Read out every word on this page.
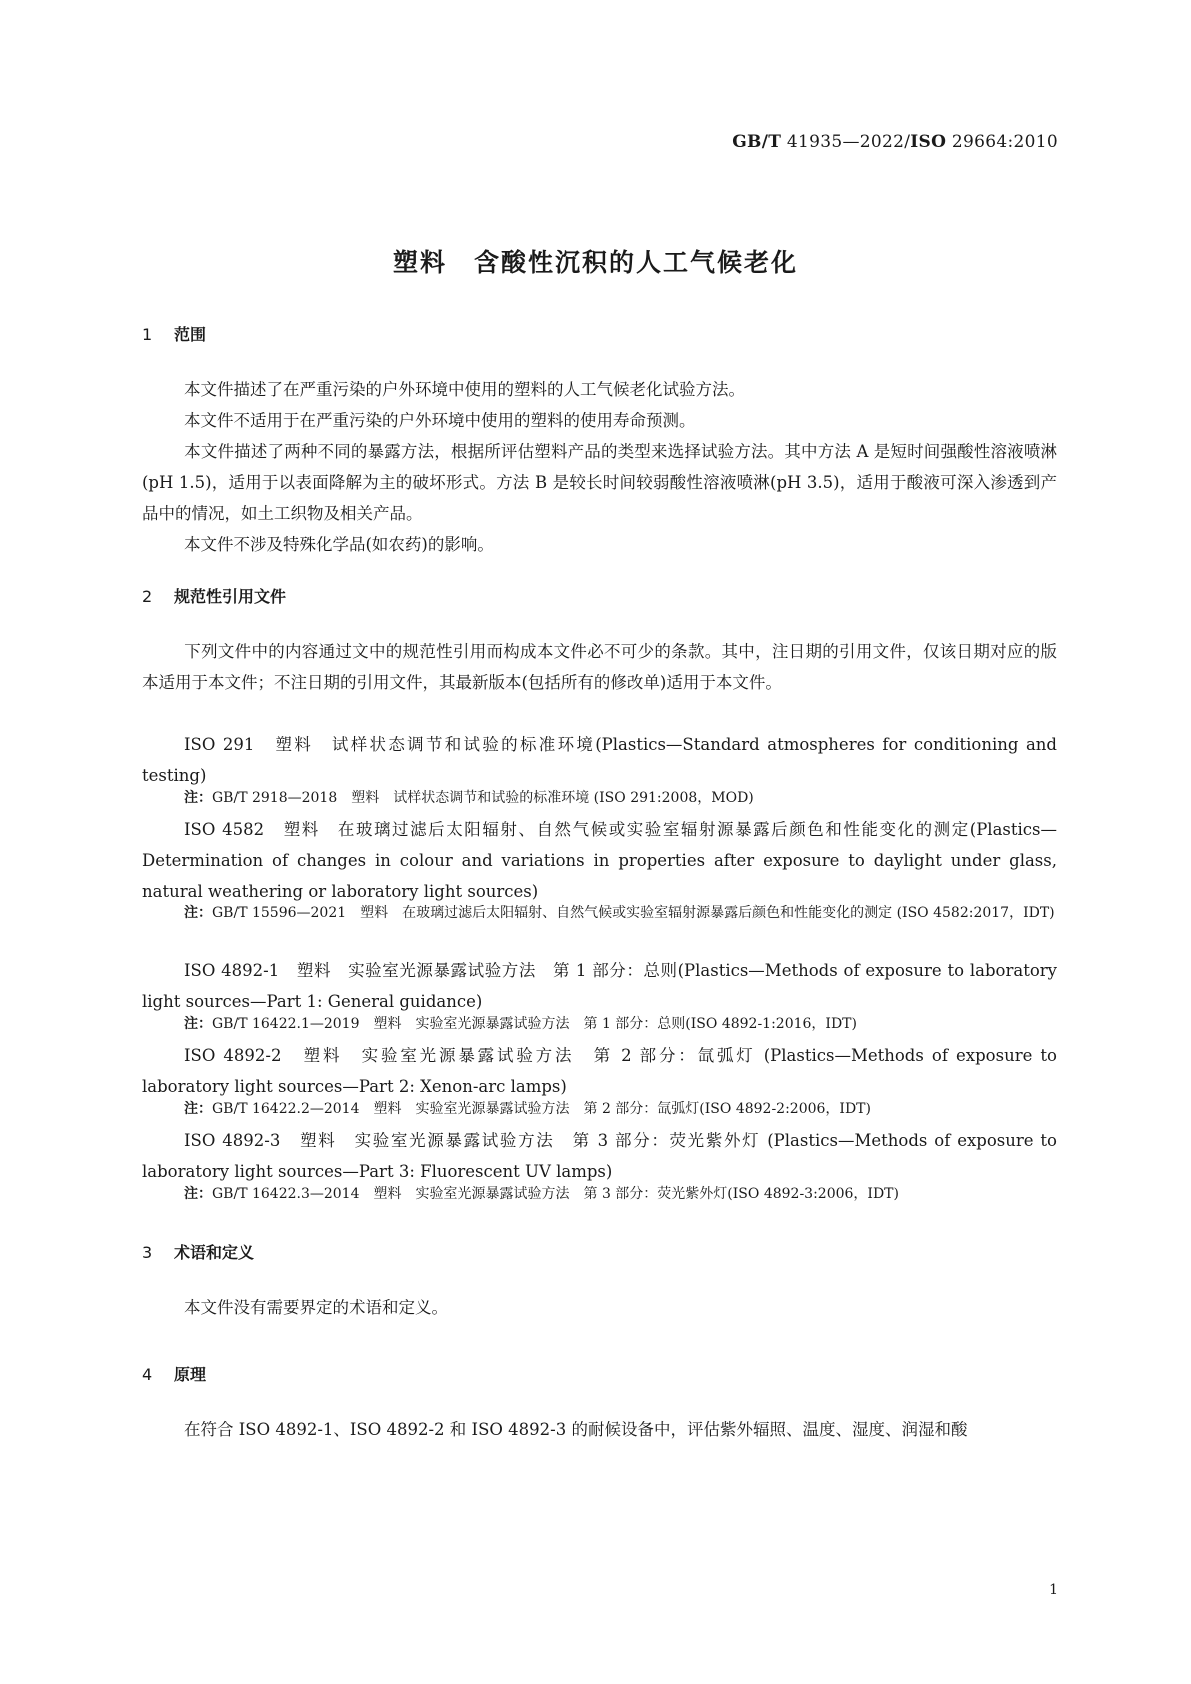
GB/T 41935—2022/ISO 29664:2010
塑料　含酸性沉积的人工气候老化
1 范围
本文件描述了在严重污染的户外环境中使用的塑料的人工气候老化试验方法。
本文件不适用于在严重污染的户外环境中使用的塑料的使用寿命预测。
本文件描述了两种不同的暴露方法，根据所评估塑料产品的类型来选择试验方法。其中方法 A 是短时间强酸性溶液喷淋(pH 1.5)，适用于以表面降解为主的破坏形式。方法 B 是较长时间较弱酸性溶液喷淋(pH 3.5)，适用于酸液可深入渗透到产品中的情况，如土工织物及相关产品。
本文件不涉及特殊化学品(如农药)的影响。
2 规范性引用文件
下列文件中的内容通过文中的规范性引用而构成本文件必不可少的条款。其中，注日期的引用文件，仅该日期对应的版本适用于本文件；不注日期的引用文件，其最新版本(包括所有的修改单)适用于本文件。
ISO 291　塑料　试样状态调节和试验的标准环境(Plastics—Standard atmospheres for conditioning and testing)
注：GB/T 2918—2018　塑料　试样状态调节和试验的标准环境 (ISO 291:2008，MOD)
ISO 4582　塑料　在玻璃过滤后太阳辐射、自然气候或实验室辐射源暴露后颜色和性能变化的测定(Plastics—Determination of changes in colour and variations in properties after exposure to daylight under glass, natural weathering or laboratory light sources)
注：GB/T 15596—2021　塑料　在玻璃过滤后太阳辐射、自然气候或实验室辐射源暴露后颜色和性能变化的测定 (ISO 4582:2017，IDT)
ISO 4892-1　塑料　实验室光源暴露试验方法　第 1 部分：总则(Plastics—Methods of exposure to laboratory light sources—Part 1: General guidance)
注：GB/T 16422.1—2019　塑料　实验室光源暴露试验方法　第 1 部分：总则(ISO 4892-1:2016，IDT)
ISO 4892-2　塑料　实验室光源暴露试验方法　第 2 部分：氙弧灯 (Plastics—Methods of exposure to laboratory light sources—Part 2: Xenon-arc lamps)
注：GB/T 16422.2—2014　塑料　实验室光源暴露试验方法　第 2 部分：氙弧灯(ISO 4892-2:2006，IDT)
ISO 4892-3　塑料　实验室光源暴露试验方法　第 3 部分：荧光紫外灯 (Plastics—Methods of exposure to laboratory light sources—Part 3: Fluorescent UV lamps)
注：GB/T 16422.3—2014　塑料　实验室光源暴露试验方法　第 3 部分：荧光紫外灯(ISO 4892-3:2006，IDT)
3 术语和定义
本文件没有需要界定的术语和定义。
4 原理
在符合 ISO 4892-1、ISO 4892-2 和 ISO 4892-3 的耐候设备中，评估紫外辐照、温度、湿度、润湿和酸
1
